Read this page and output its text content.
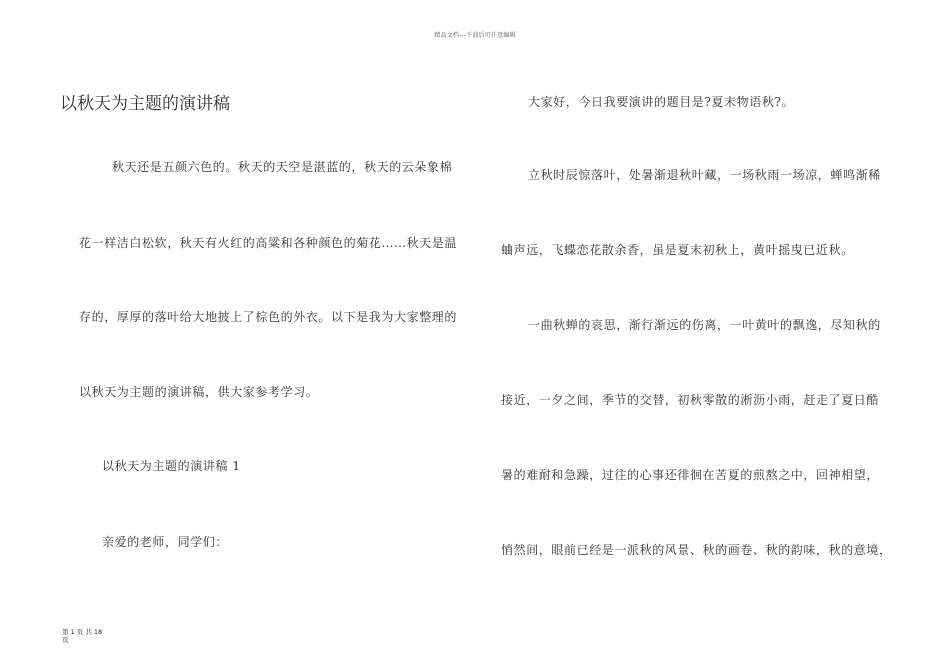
精品文档---下载后可任意编辑
以秋天为主题的演讲稿
秋天还是五颜六色的。秋天的天空是湛蓝的，秋天的云朵象棉
花一样洁白松软，秋天有火红的高粱和各种颜色的菊花……秋天是温
存的，厚厚的落叶给大地披上了棕色的外衣。以下是我为大家整理的
以秋天为主题的演讲稿，供大家参考学习。
以秋天为主题的演讲稿 1
亲爱的老师，同学们：
大家好，今日我要演讲的题目是?夏末物语秋?。
立秋时辰惊落叶，处暑渐退秋叶藏，一场秋雨一场凉，蝉鸣渐稀
蛐声远，飞蝶恋花散余香，虽是夏末初秋上，黄叶摇曳已近秋。
一曲秋蝉的哀思，渐行渐远的伤离，一叶黄叶的飘逸，尽知秋的
接近，一夕之间，季节的交替，初秋零散的淅沥小雨，赶走了夏日酷
暑的难耐和急躁，过往的心事还徘徊在苦夏的煎熬之中，回神相望，
悄然间，眼前已经是一派秋的风景、秋的画卷、秋的韵味，秋的意境，
第 1 页 共 18
页
